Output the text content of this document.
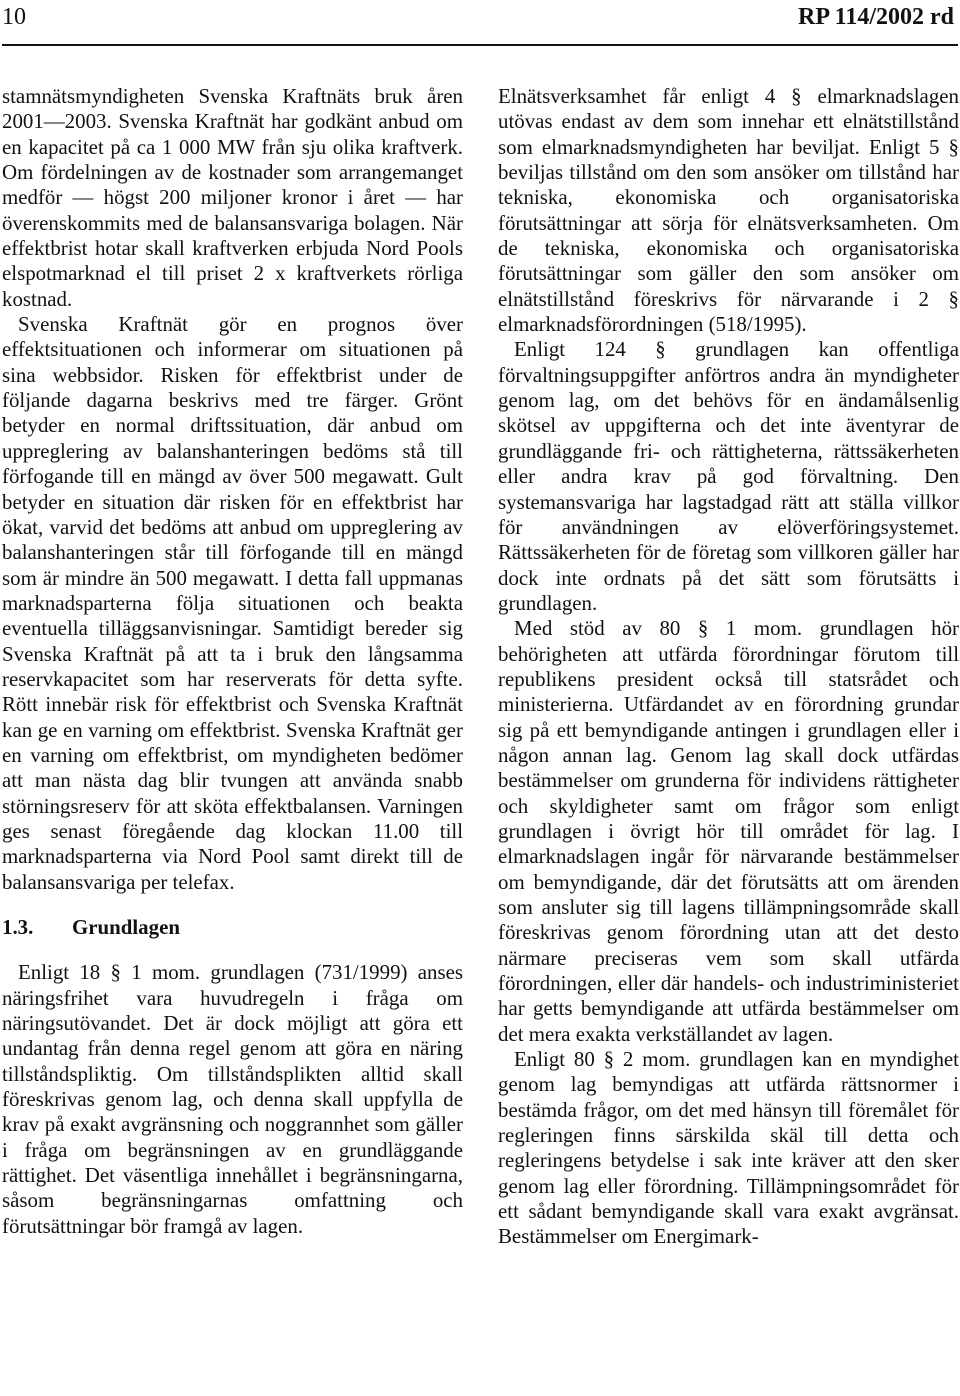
10	RP 114/2002 rd

stamnätsmyndigheten Svenska Kraftnäts bruk åren 2001—2003. Svenska Kraftnät har godkänt anbud om en kapacitet på ca 1 000 MW från sju olika kraftverk. Om fördelningen av de kostnader som arrangemanget medför — högst 200 miljoner kronor i året — har överenskommits med de balansansvariga bolagen. När effektbrist hotar skall kraftverken erbjuda Nord Pools elspotmarknad el till priset 2 x kraftverkets rörliga kostnad.

Svenska Kraftnät gör en prognos över effektsituationen och informerar om situationen på sina webbsidor. Risken för effektbrist under de följande dagarna beskrivs med tre färger. Grönt betyder en normal driftssituation, där anbud om uppreglering av balanshanteringen bedöms stå till förfogande till en mängd av över 500 megawatt. Gult betyder en situation där risken för en effektbrist har ökat, varvid det bedöms att anbud om uppreglering av balanshanteringen står till förfogande till en mängd som är mindre än 500 megawatt. I detta fall uppmanas marknadsparterna följa situationen och beakta eventuella tilläggsanvisningar. Samtidigt bereder sig Svenska Kraftnät på att ta i bruk den långsamma reservkapacitet som har reserverats för detta syfte. Rött innebär risk för effektbrist och Svenska Kraftnät kan ge en varning om effektbrist. Svenska Kraftnät ger en varning om effektbrist, om myndigheten bedömer att man nästa dag blir tvungen att använda snabb störningsreserv för att sköta effektbalansen. Varningen ges senast föregående dag klockan 11.00 till marknadsparterna via Nord Pool samt direkt till de balansansvariga per telefax.

1.3. Grundlagen

Enligt 18 § 1 mom. grundlagen (731/1999) anses näringsfrihet vara huvudregeln i fråga om näringsutövandet. Det är dock möjligt att göra ett undantag från denna regel genom att göra en näring tillståndspliktig. Om tillståndsplikten alltid skall föreskrivas genom lag, och denna skall uppfylla de krav på exakt avgränsning och noggrannhet som gäller i fråga om begränsningen av en grundläggande rättighet. Det väsentliga innehållet i begränsningarna, såsom begränsningarnas omfattning och förutsättningar bör framgå av lagen.

Elnätsverksamhet får enligt 4 § elmarknadslagen utövas endast av dem som innehar ett elnätstillstånd som elmarknadsmyndigheten har beviljat. Enligt 5 § beviljas tillstånd om den som ansöker om tillstånd har tekniska, ekonomiska och organisatoriska förutsättningar att sörja för elnätsverksamheten. Om de tekniska, ekonomiska och organisatoriska förutsättningar som gäller den som ansöker om elnätstillstånd föreskrivs för närvarande i 2 § elmarknadsförordningen (518/1995).

Enligt 124 § grundlagen kan offentliga förvaltningsuppgifter anförtros andra än myndigheter genom lag, om det behövs för en ändamålsenlig skötsel av uppgifterna och det inte äventyrar de grundläggande fri- och rättigheterna, rättssäkerheten eller andra krav på god förvaltning. Den systemansvariga har lagstadgad rätt att ställa villkor för användningen av elöverföringsystemet. Rättssäkerheten för de företag som villkoren gäller har dock inte ordnats på det sätt som förutsätts i grundlagen.

Med stöd av 80 § 1 mom. grundlagen hör behörigheten att utfärda förordningar förutom till republikens president också till statsrådet och ministerierna. Utfärdandet av en förordning grundar sig på ett bemyndigande antingen i grundlagen eller i någon annan lag. Genom lag skall dock utfärdas bestämmelser om grunderna för individens rättigheter och skyldigheter samt om frågor som enligt grundlagen i övrigt hör till området för lag. I elmarknadslagen ingår för närvarande bestämmelser om bemyndigande, där det förutsätts att om ärenden som ansluter sig till lagens tillämpningsområde skall föreskrivas genom förordning utan att det desto närmare preciseras vem som skall utfärda förordningen, eller där handels- och industriministeriet har getts bemyndigande att utfärda bestämmelser om det mera exakta verkställandet av lagen.

Enligt 80 § 2 mom. grundlagen kan en myndighet genom lag bemyndigas att utfärda rättsnormer i bestämda frågor, om det med hänsyn till föremålet för regleringen finns särskilda skäl till detta och regleringens betydelse i sak inte kräver att den sker genom lag eller förordning. Tillämpningsområdet för ett sådant bemyndigande skall vara exakt avgränsat. Bestämmelser om Energimark-
